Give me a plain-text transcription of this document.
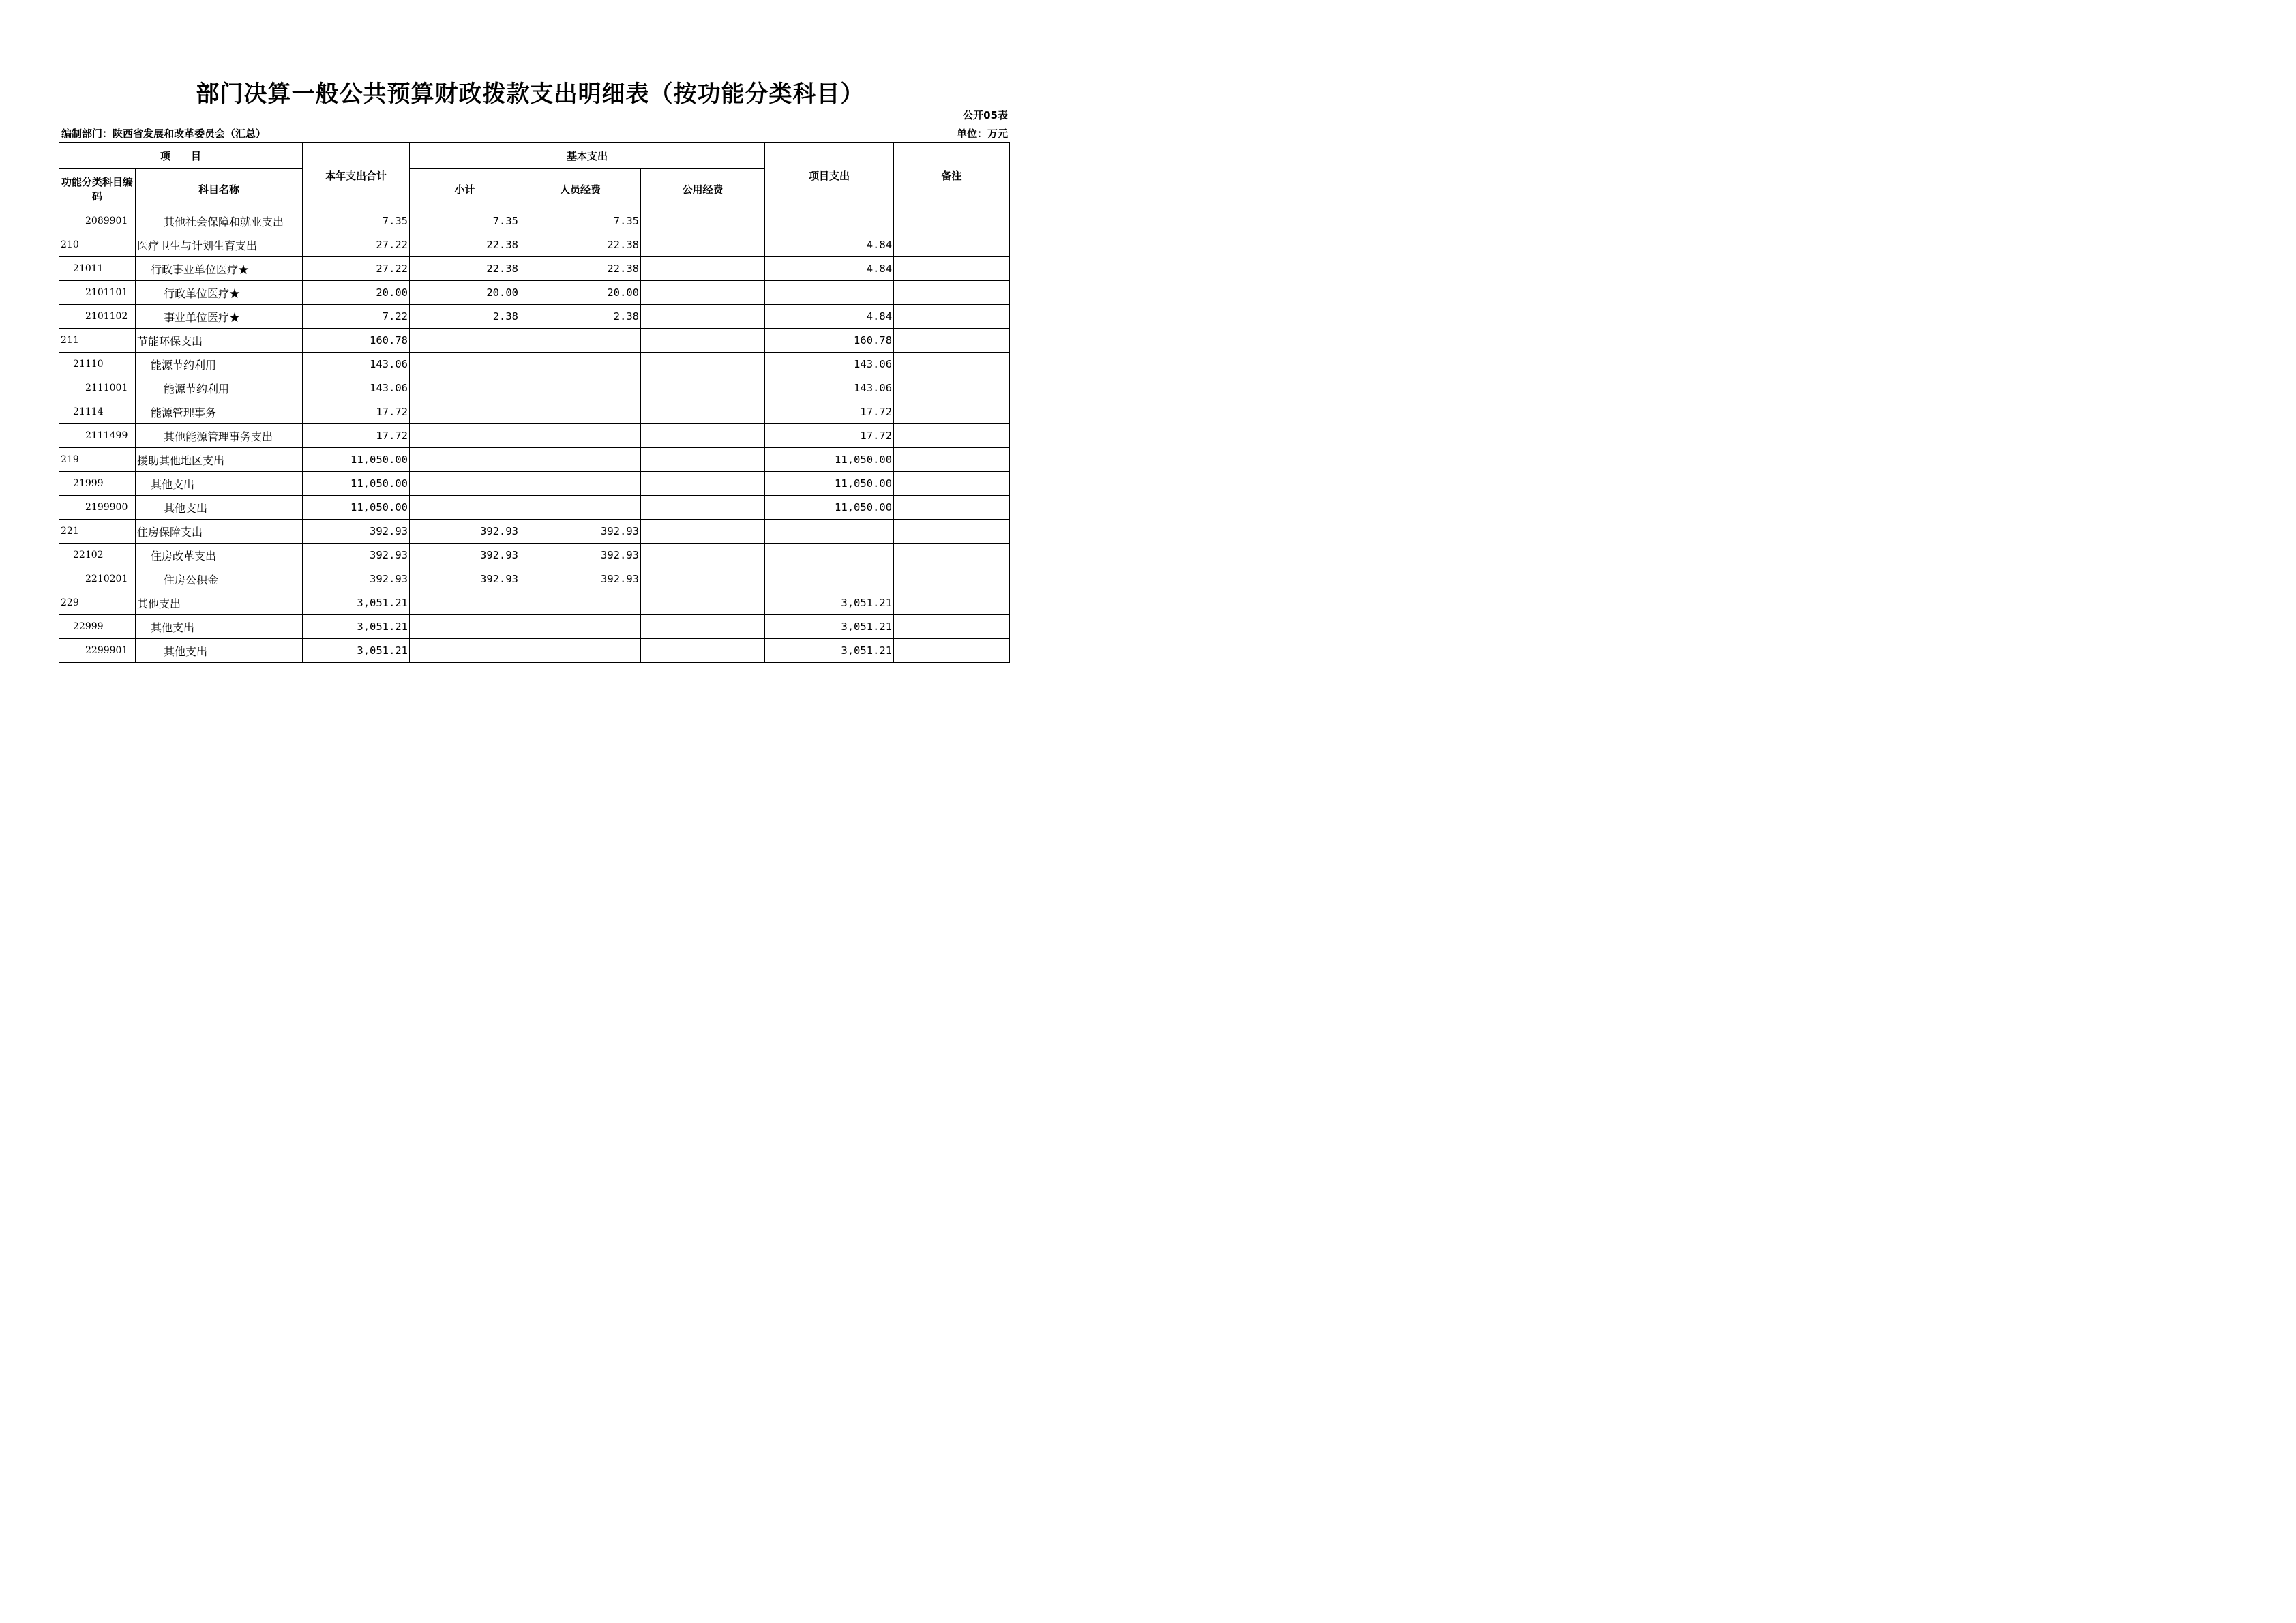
部门决算一般公共预算财政拨款支出明细表（按功能分类科目）
公开05表
编制部门：陕西省发展和改革委员会（汇总）	单位：万元
项　　目		本年支出合计	基本支出			项目支出	备注
功能分类科目编码	科目名称		小计	人员经费	公用经费		
2089901	其他社会保障和就业支出	7.35	7.35	7.35			
210	医疗卫生与计划生育支出	27.22	22.38	22.38		4.84	
21011	行政事业单位医疗★	27.22	22.38	22.38		4.84	
2101101	行政单位医疗★	20.00	20.00	20.00			
2101102	事业单位医疗★	7.22	2.38	2.38		4.84	
211	节能环保支出	160.78				160.78	
21110	能源节约利用	143.06				143.06	
2111001	能源节约利用	143.06				143.06	
21114	能源管理事务	17.72				17.72	
2111499	其他能源管理事务支出	17.72				17.72	
219	援助其他地区支出	11,050.00				11,050.00	
21999	其他支出	11,050.00				11,050.00	
2199900	其他支出	11,050.00				11,050.00	
221	住房保障支出	392.93	392.93	392.93			
22102	住房改革支出	392.93	392.93	392.93			
2210201	住房公积金	392.93	392.93	392.93			
229	其他支出	3,051.21				3,051.21	
22999	其他支出	3,051.21				3,051.21	
2299901	其他支出	3,051.21				3,051.21	
